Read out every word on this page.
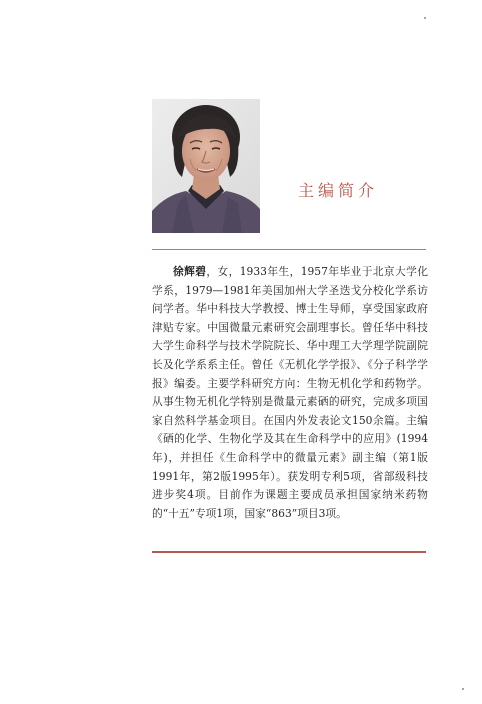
主编简介
徐辉碧，女，1933年生，1957年毕业于北京大学化学系，1979—1981年美国加州大学圣迭戈分校化学系访问学者。华中科技大学教授、博士生导师，享受国家政府津贴专家。中国微量元素研究会副理事长。曾任华中科技大学生命科学与技术学院院长、华中理工大学理学院副院长及化学系系主任。曾任《无机化学学报》、《分子科学学报》编委。主要学科研究方向：生物无机化学和药物学。从事生物无机化学特别是微量元素硒的研究，完成多项国家自然科学基金项目。在国内外发表论文150余篇。主编《硒的化学、生物化学及其在生命科学中的应用》(1994年)，并担任《生命科学中的微量元素》副主编（第1版1991年，第2版1995年）。获发明专利5项，省部级科技进步奖4项。目前作为课题主要成员承担国家纳米药物的“十五”专项1项，国家“863”项目3项。
